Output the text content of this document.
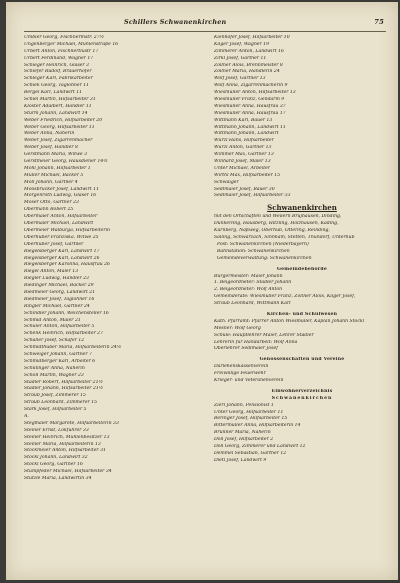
Schillers Schwanenkirchen	75
Umbier Georg, Flschnermstr. 27½
Ungenberger Michael, Mühlenstraße 16
Urbert Anton, Flschnertlustr 17
Urbert Ferdinand, Wagner 17
Schieger Heinrich, Glaser 3
Schiefer Rudolf, Bräuerhofer
Schleger Karl, Fabrikarbeiter
Schiek Georg, Taglöhner 11
Bergel Karl, Landwirt 11
Schiel Martin, Hilfsarbeiter 31
Kloster Adalbert, Händler 11
Sturm Johann, Landwirt 14
Weber Friedrich, Hilfsarbeiter 20
Weber Georg, Hilfsarbeiter 11
Weber Anna, Näherin
Weber Josef, Zigarrenmacher
Weber Josef, Händler 8
Gerstmann Maria, Witwe 3
Gerstmeier Georg, Hausdiener 14½
Möhl Johann, Hilfsarbeiter 1
Müller Michael, Bäcker 5
Moll Johann, Gärtner 4
Moosbrucker Josef, Landwirt 11
Morgenroth Ludwig, Glaser 16
Moser Otto, Gärtner 23
Obermann Robert 25
Obermaier Anton, Hilfsarbeiter
Obermaier Michael, Landwirt
Obermeier Walburga, Hilfsarbeiterin
Oberhuber Franziska, Witwe 25
Oberhuber Josef, Gärtner
Riegelsberger Karl, Landwirt 17
Riegelsberger Karl, Landwirt 26
Riegelsberger Karolina, Hausfrau 26
Riegel Anton, Maler 13
Riegler Ludwig, Händler 23
Riedinger Michael, Bäcker 29
Riedmeier Georg, Landwirt 21
Riedmeier Josef, Taglöhner 16
Ringler Michael, Gärtner 24
Schindler Johann, Weichensteller 16
Schmid Anton, Maler 21
Schüler Anton, Hilfsarbeiter 5
Schenk Heinrich, Hilfsarbeiter 27
Schaller Josef, Schäfer 12
Schmidthuber Maria, Hilfsarbeiterin 24½
Schweiger Johann, Gärtner 7
Schmidberger Karl, Arbeiter 6
Schillinger Anna, Näherin
Schöll Martin, Wagner 23
Stadler Robert, Hilfsarbeiter 21½
Stadler Johann, Hilfsarbeiter 21½
Straub Josef, Zimmerer 15
Straub Leonhard, Zimmerer 15
Stark Josef, Hilfsarbeiter 5
A.
Stegmaier Margarete, Hilfsarbeiterin 33
Steiner Ernst, Lokführer 33
Steiner Heinrich, Mühlenbesitzer 13
Steiner Maria, Hilfsarbeiterin 13
Stockmeier Anton, Hilfsarbeiter 31
Stöckl Johann, Landwirt 32
Stöckl Georg, Gärtner 16
Stumpfeder Michael, Hilfsarbeiter 34
Stützle Maria, Landwirtin 34
Kienhofer Josef, Hilfsarbeiter 10
Kilger Josef, Wagner 19
Zimmerer Anton, Landwirt 16
Zirkl Josef, Gärtner 11
Zollner Alois, Brennmeister 8
Zollner Maria, Händlerin 24
Wolf Josef, Gärtner 13
Wolf Anna, Zigarrenmacherin 9
Wiesmüller Anton, Hilfsarbeiter 13
Wiesmüller Franz, Gendarm 9
Wiesmüller Anna, Hausfrau 37
Wiesmüller Anna, Hausfrau 17
Wittmann Karl, Bauer 13
Wittmann Johann, Landwirt 11
Wittmann Johann, Landwirt
Würzl Hans, Hilfsarbeiter
Würzl Anton, Gärtner 13
Wimmer Max, Gärtner 13
Winhard Josef, Maler 13
Unter Michael, Arbeiter
Wirthl Max, Hilfsarbeiter 15
Schwaiger
Sedlmaier Josef, Bauer 30
Sedlmaier Josef, Hilfsarbeiter 33
Schwanenkirchen
mit den Ortschaften und Weilern Brujhausen, Dinding,
Dunkerling, Hausberg, Hitzling, Holzhausen, Kading,
Kürnberg, Naßweg, Oberhub, Ottering, Reinding,
Salling, Schwarzach, Sinnham, Stetten, Thundorf, Unterhub
Post: Schwanenkirchen (Niederbayern)
Bahnstation: Schwanenkirchen
Gemeindeverwaltung: Schwanenkirchen
Gemeindebehörde
Bürgermeister: Maier Johann
1. Beigeordneter: Stadler Johann
2. Beigeordneter: Wolf Anton
Gemeinderäte: Wiesmüller Franz, Zollner Alois, Kilger Josef,
Straub Leonhard, Wittmann Karl
Kirchen- und Schulwesen
Kath. Pfarramt: Pfarrer Anton Wiesmüller, Kaplan Johann Stöckl
Mesner: Wolf Georg
Schule: Hauptlehrer Maier, Lehrer Stadler
Lehrerin für Handarbeit: Wolf Anna
Oberlehrer Sedlmaier Josef
Genossenschaften und Vereine
Darlehenskassenverein
Freiwillige Feuerwehr
Krieger- und Veteranenverein
Einwohnerverzeichnis
Schwanenkirchen
Zierl Johann, Pensionist 1
Unter Georg, Hilfsarbeiter 11
Beringer Josef, Hilfsarbeiter 15
Bittermüller Anna, Hilfsarbeiterin 14
Brunner Maria, Näherin
Doll Josef, Hilfsarbeiter 2
Doll Georg, Zimmerer und Landwirt 12
Demmel Sebastian, Gärtner 12
Dietl Josef, Landwirt 9
